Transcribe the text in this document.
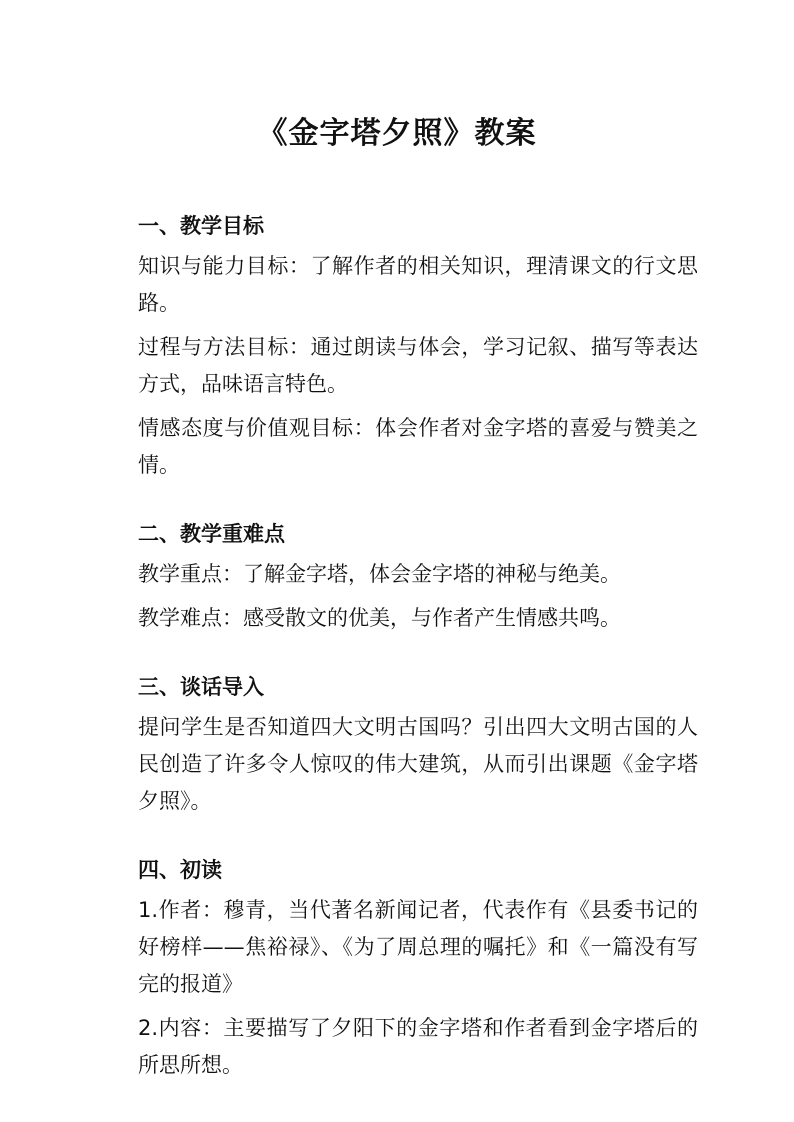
《金字塔夕照》教案
一、教学目标

知识与能力目标：了解作者的相关知识，理清课文的行文思路。

过程与方法目标：通过朗读与体会，学习记叙、描写等表达方式，品味语言特色。

情感态度与价值观目标：体会作者对金字塔的喜爱与赞美之情。

二、教学重难点

教学重点：了解金字塔，体会金字塔的神秘与绝美。

教学难点：感受散文的优美，与作者产生情感共鸣。

三、谈话导入

提问学生是否知道四大文明古国吗？引出四大文明古国的人民创造了许多令人惊叹的伟大建筑，从而引出课题《金字塔夕照》。

四、初读

1.作者：穆青，当代著名新闻记者，代表作有《县委书记的好榜样——焦裕禄》、《为了周总理的嘱托》和《一篇没有写完的报道》

2.内容：主要描写了夕阳下的金字塔和作者看到金字塔后的所思所想。
